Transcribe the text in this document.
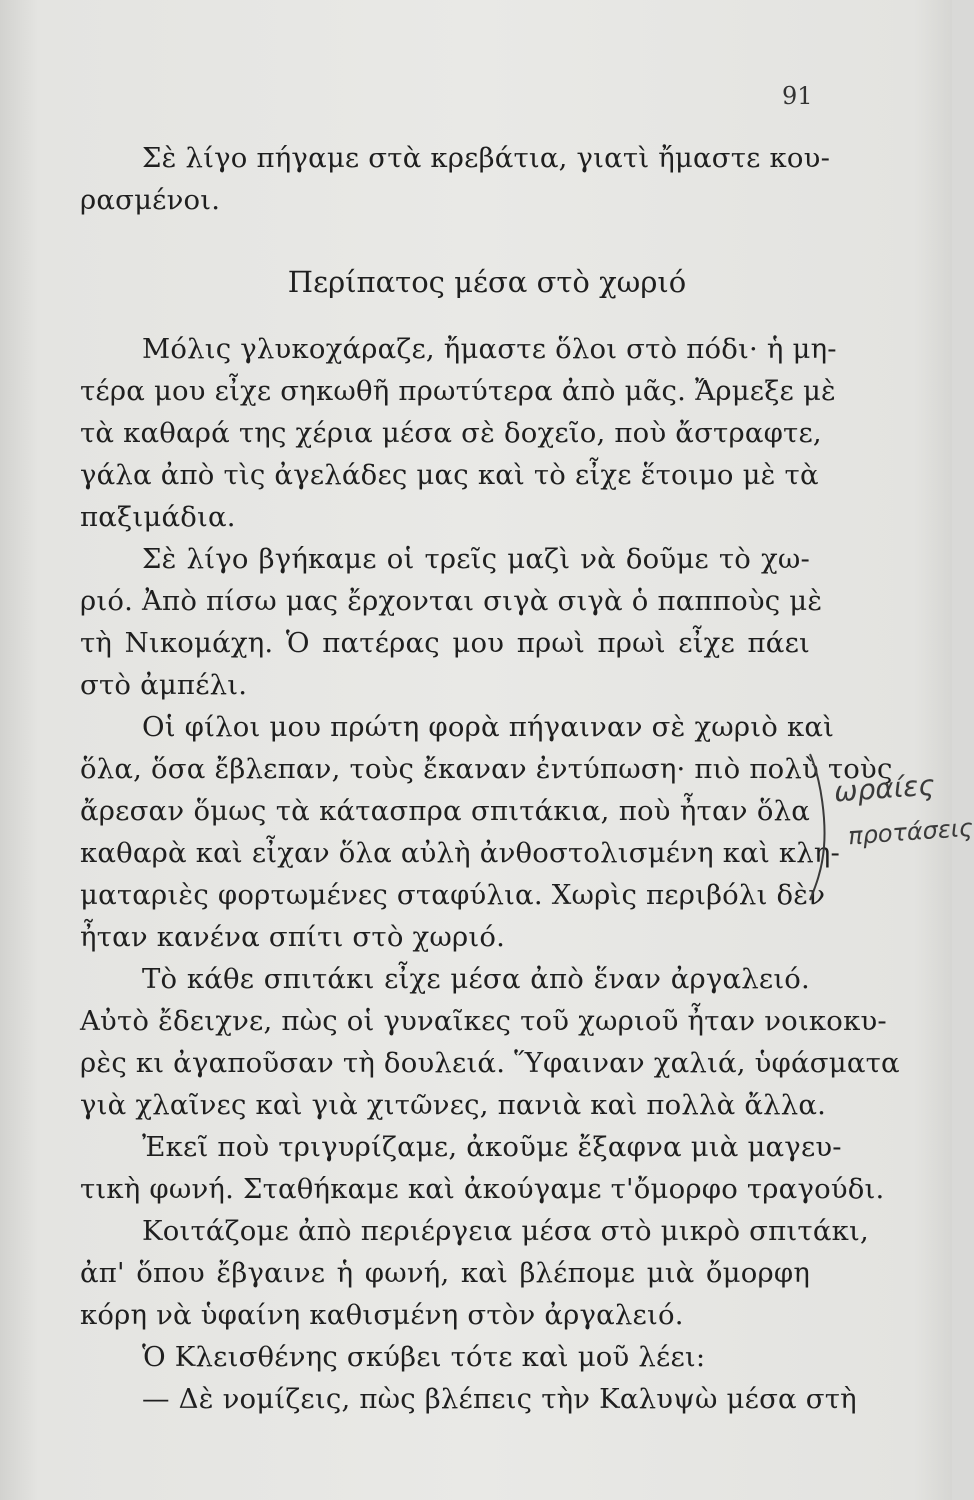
91
Σὲ λίγο πήγαμε στὰ κρεβάτια, γιατὶ ἤμαστε κου-
ρασμένοι.
Περίπατος μέσα στὸ χωριό
Μόλις γλυκοχάραζε, ἤμαστε ὅλοι στὸ πόδι· ἡ μη-
τέρα μου εἶχε σηκωθῆ πρωτύτερα ἀπὸ μᾶς. Ἄρμεξε μὲ
τὰ καθαρά της χέρια μέσα σὲ δοχεῖο, ποὺ ἄστραφτε,
γάλα ἀπὸ τὶς ἀγελάδες μας καὶ τὸ εἶχε ἕτοιμο μὲ τὰ
παξιμάδια.
Σὲ λίγο βγήκαμε οἱ τρεῖς μαζὶ νὰ δοῦμε τὸ χω-
ριό. Ἀπὸ πίσω μας ἔρχονται σιγὰ σιγὰ ὁ παπποὺς μὲ
τὴ Νικομάχη. Ὁ πατέρας μου πρωὶ πρωὶ εἶχε πάει
στὸ ἀμπέλι.
Οἱ φίλοι μου πρώτη φορὰ πήγαιναν σὲ χωριὸ καὶ
ὅλα, ὅσα ἔβλεπαν, τοὺς ἔκαναν ἐντύπωση· πιὸ πολὺ τοὺς
ἄρεσαν ὅμως τὰ κάτασπρα σπιτάκια, ποὺ ἦταν ὅλα
καθαρὰ καὶ εἶχαν ὅλα αὐλὴ ἀνθοστολισμένη καὶ κλη-
ματαριὲς φορτωμένες σταφύλια. Χωρὶς περιβόλι δὲν
ἦταν κανένα σπίτι στὸ χωριό.
Τὸ κάθε σπιτάκι εἶχε μέσα ἀπὸ ἕναν ἀργαλειό.
Αὐτὸ ἔδειχνε, πὼς οἱ γυναῖκες τοῦ χωριοῦ ἦταν νοικοκυ-
ρὲς κι ἀγαποῦσαν τὴ δουλειά. Ὕφαιναν χαλιά, ὑφάσματα
γιὰ χλαῖνες καὶ γιὰ χιτῶνες, πανιὰ καὶ πολλὰ ἄλλα.
Ἐκεῖ ποὺ τριγυρίζαμε, ἀκοῦμε ἔξαφνα μιὰ μαγευ-
τικὴ φωνή. Σταθήκαμε καὶ ἀκούγαμε τ'ὄμορφο τραγούδι.
Κοιτάζομε ἀπὸ περιέργεια μέσα στὸ μικρὸ σπιτάκι,
ἀπ' ὅπου ἔβγαινε ἡ φωνή, καὶ βλέπομε μιὰ ὄμορφη
κόρη νὰ ὑφαίνη καθισμένη στὸν ἀργαλειό.
Ὁ Κλεισθένης σκύβει τότε καὶ μοῦ λέει:
— Δὲ νομίζεις, πὼς βλέπεις τὴν Καλυψὼ μέσα στὴ
ωραίες
προτάσεις
